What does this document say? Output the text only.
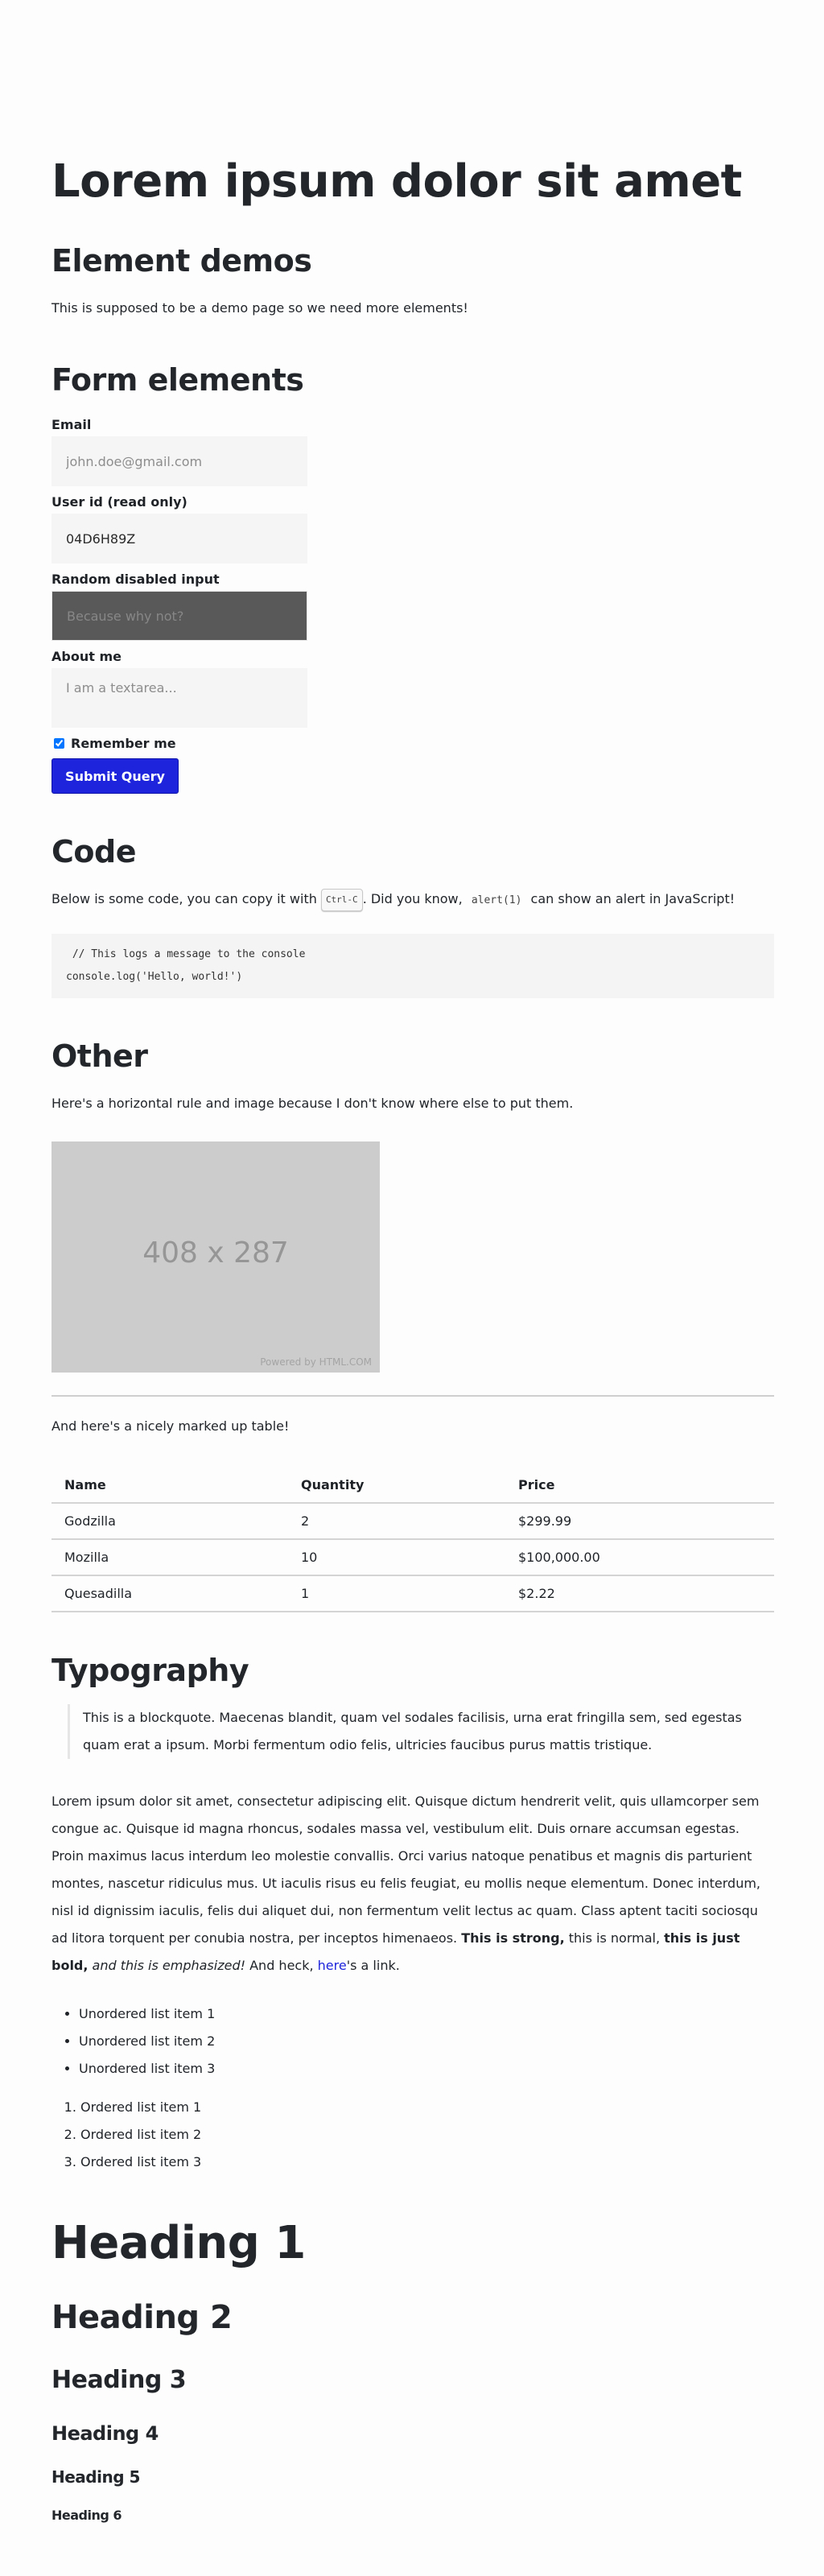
Lorem ipsum dolor sit amet
Element demos

This is supposed to be a demo page so we need more elements!

Form elements
Email
john.doe@gmail.com
User id (read only)
04D6H89Z
Random disabled input
Because why not?
About me
I am a textarea...
Remember me
Submit Query
Code

Below is some code, you can copy it with Ctrl-C . Did you know, alert(1) can show an alert in JavaScript!

// This logs a message to the console
console.log('Hello, world!')
Other

Here's a horizontal rule and image because I don't know where else to put them.

408 x 287
Powered by HTML.COM

And here's a nicely marked up table!

Name	Quantity	Price
Godzilla	2	$299.99
Mozilla	10	$100,000.00
Quesadilla	1	$2.22
Typography
This is a blockquote. Maecenas blandit, quam vel sodales facilisis, urna erat fringilla sem, sed egestas quam erat a ipsum. Morbi fermentum odio felis, ultricies faucibus purus mattis tristique.

Lorem ipsum dolor sit amet, consectetur adipiscing elit. Quisque dictum hendrerit velit, quis ullamcorper sem congue ac. Quisque id magna rhoncus, sodales massa vel, vestibulum elit. Duis ornare accumsan egestas. Proin maximus lacus interdum leo molestie convallis. Orci varius natoque penatibus et magnis dis parturient montes, nascetur ridiculus mus. Ut iaculis risus eu felis feugiat, eu mollis neque elementum. Donec interdum, nisl id dignissim iaculis, felis dui aliquet dui, non fermentum velit lectus ac quam. Class aptent taciti sociosqu ad litora torquent per conubia nostra, per inceptos himenaeos. This is strong, this is normal, this is just bold, and this is emphasized! And heck, here's a link.

• Unordered list item 1
• Unordered list item 2
• Unordered list item 3
1. Ordered list item 1
2. Ordered list item 2
3. Ordered list item 3
Heading 1
Heading 2
Heading 3
Heading 4
Heading 5
Heading 6
